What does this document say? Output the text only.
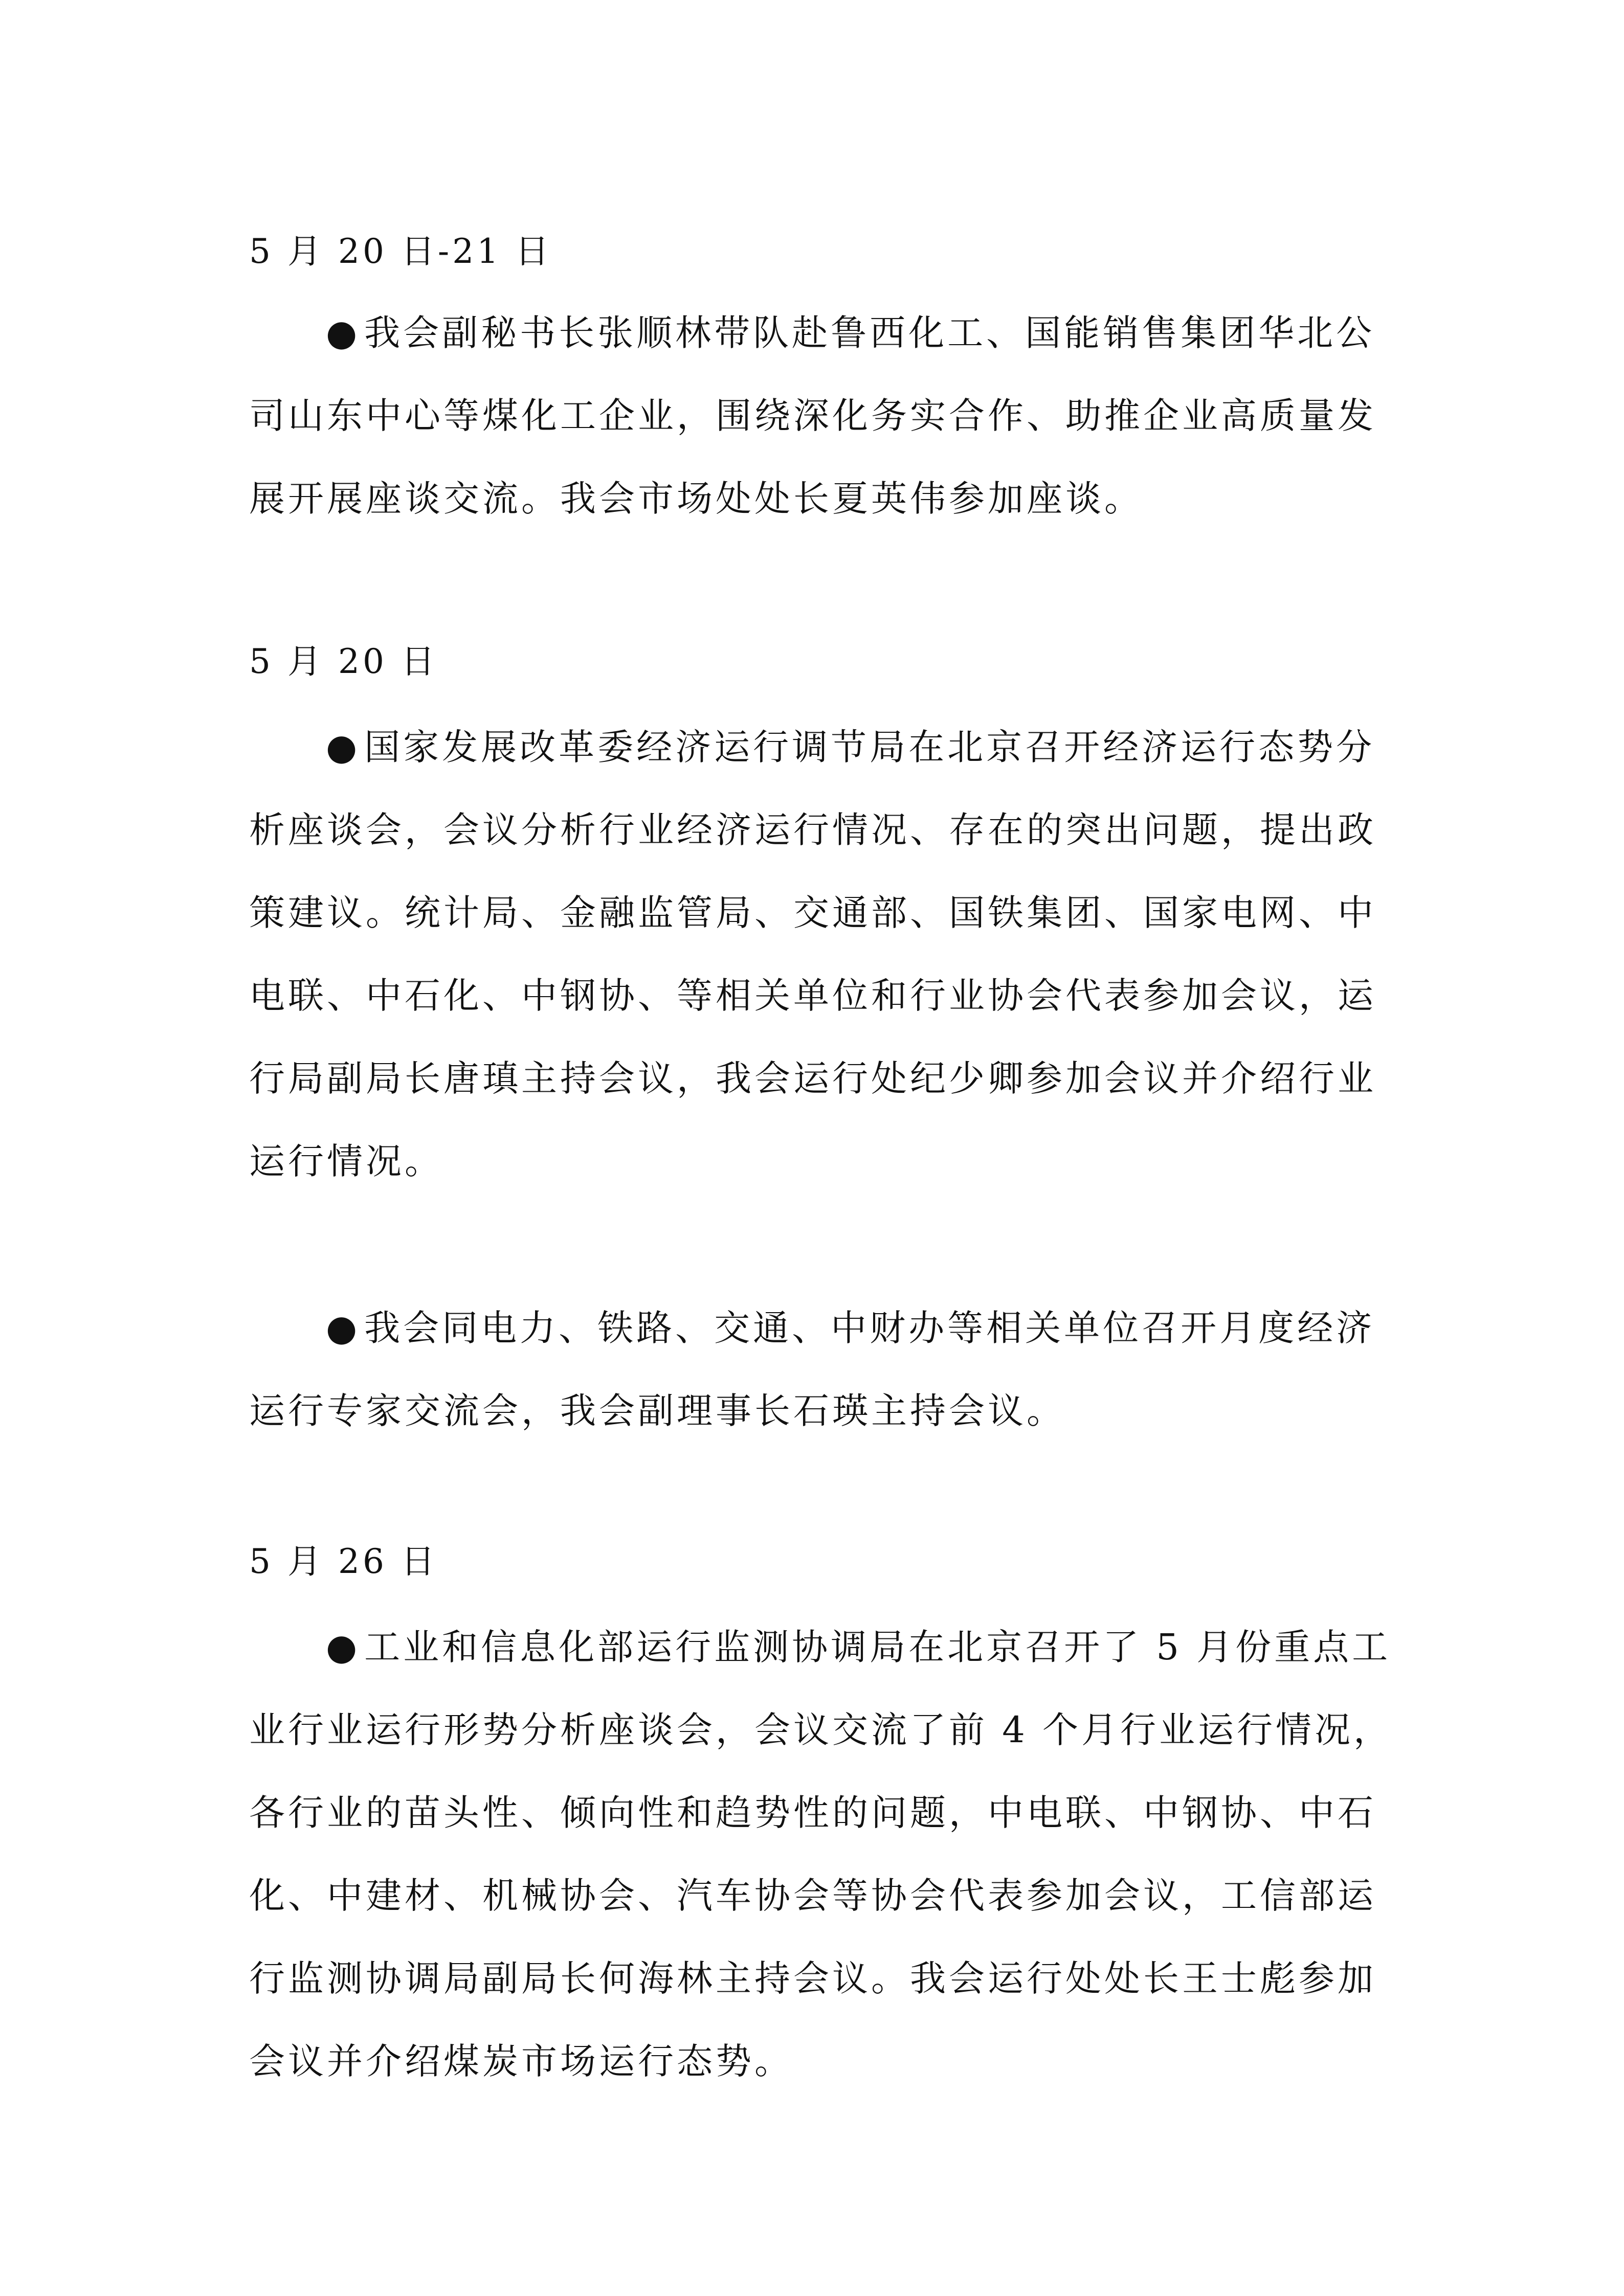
5 月 20 日-21 日
● 我会副秘书长张顺林带队赴鲁西化工、国能销售集团华北公
司山东中心等煤化工企业，围绕深化务实合作、助推企业高质量发
展开展座谈交流。我会市场处处长夏英伟参加座谈。
5 月 20 日
● 国家发展改革委经济运行调节局在北京召开经济运行态势分
析座谈会，会议分析行业经济运行情况、存在的突出问题，提出政
策建议。统计局、金融监管局、交通部、国铁集团、国家电网、中
电联、中石化、中钢协、等相关单位和行业协会代表参加会议，运
行局副局长唐瑱主持会议，我会运行处纪少卿参加会议并介绍行业
运行情况。
● 我会同电力、铁路、交通、中财办等相关单位召开月度经济
运行专家交流会，我会副理事长石瑛主持会议。
5 月 26 日
● 工业和信息化部运行监测协调局在北京召开了 5 月份重点工
业行业运行形势分析座谈会，会议交流了前 4 个月行业运行情况，
各行业的苗头性、倾向性和趋势性的问题，中电联、中钢协、中石
化、中建材、机械协会、汽车协会等协会代表参加会议，工信部运
行监测协调局副局长何海林主持会议。我会运行处处长王士彪参加
会议并介绍煤炭市场运行态势。
